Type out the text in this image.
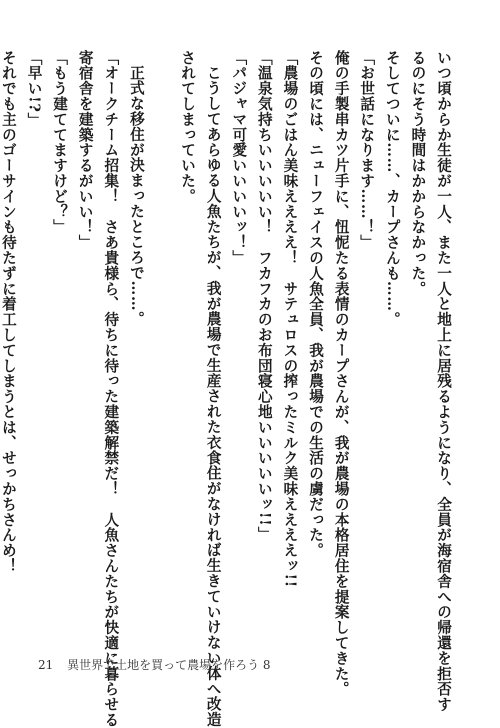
いつ頃からか生徒が一人、また一人と地上に居残るようになり、全員が海宿舎への帰還を拒否す
るのにそう時間はかからなかった。
そしてついに……、カープさんも……。
「お世話になります……！」
俺の手製串カツ片手に、忸怩たる表情のカープさんが、我が農場の本格居住を提案してきた。
その頃には、ニューフェイスの人魚全員、我が農場での生活の虜だった。
「農場のごはん美味ええええ！　サテュロスの搾ったミルク美味ええええッ!!
「温泉気持ちいいいいい！　フカフカのお布団寝心地いいいいいッ!!」
「パジャマ可愛いいいいッ！」
こうしてあらゆる人魚たちが、我が農場で生産された衣食住がなければ生きていけない体へ改造
されてしまっていた。
正式な移住が決まったところで……。
「オークチーム招集！　さあ貴様ら、待ちに待った建築解禁だ！　人魚さんたちが快適に暮らせる
寄宿舎を建築するがいい！」
「もう建ててますけど？」
「早い!?」
それでも主のゴーサインも待たずに着工してしまうとは、せっかちさんめ！
21 異世界で土地を買って農場を作ろう 8
